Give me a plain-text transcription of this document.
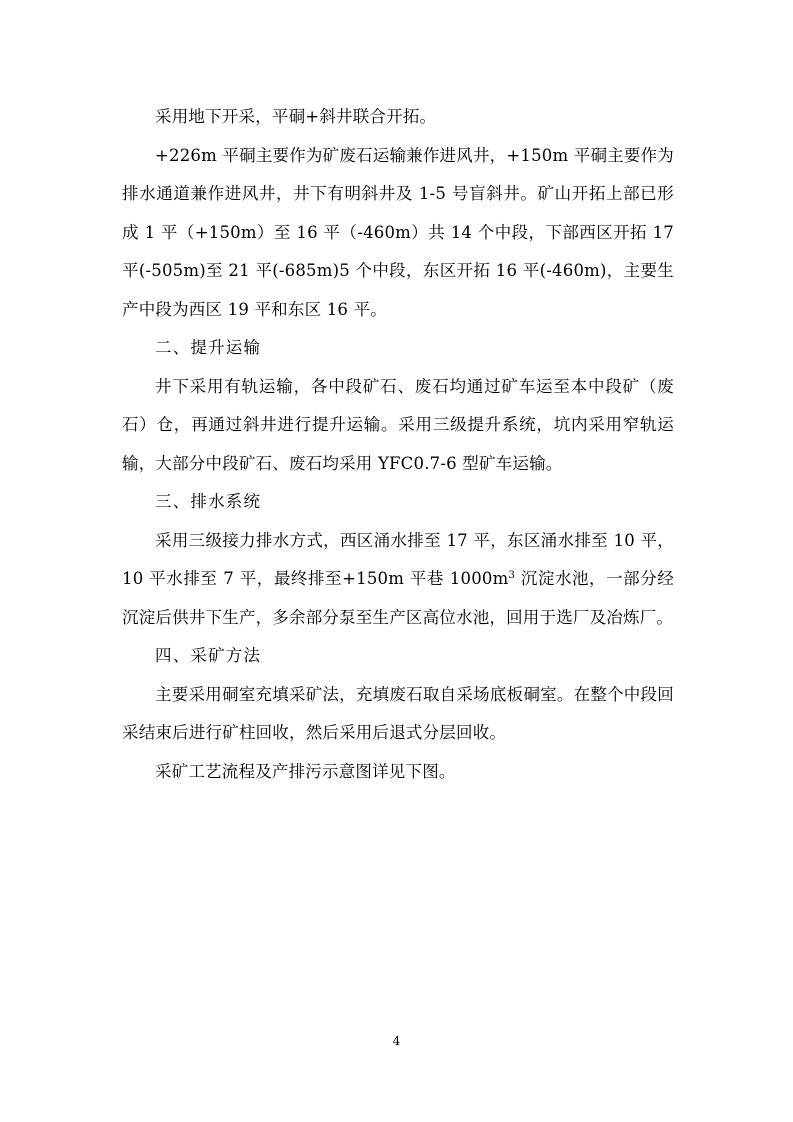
采用地下开采，平硐+斜井联合开拓。

+226m 平硐主要作为矿废石运输兼作进风井，+150m 平硐主要作为排水通道兼作进风井，井下有明斜井及 1-5 号盲斜井。矿山开拓上部已形成 1 平（+150m）至 16 平（-460m）共 14 个中段，下部西区开拓 17 平(-505m)至 21 平(-685m)5 个中段，东区开拓 16 平(-460m)，主要生产中段为西区 19 平和东区 16 平。

二、提升运输

井下采用有轨运输，各中段矿石、废石均通过矿车运至本中段矿（废石）仓，再通过斜井进行提升运输。采用三级提升系统，坑内采用窄轨运输，大部分中段矿石、废石均采用 YFC0.7-6 型矿车运输。

三、排水系统

采用三级接力排水方式，西区涌水排至 17 平，东区涌水排至 10 平，10 平水排至 7 平，最终排至+150m 平巷 $1000m^3$ 沉淀水池，一部分经沉淀后供井下生产，多余部分泵至生产区高位水池，回用于选厂及冶炼厂。

四、采矿方法

主要采用硐室充填采矿法，充填废石取自采场底板硐室。在整个中段回采结束后进行矿柱回收，然后采用后退式分层回收。

采矿工艺流程及产排污示意图详见下图。

4
